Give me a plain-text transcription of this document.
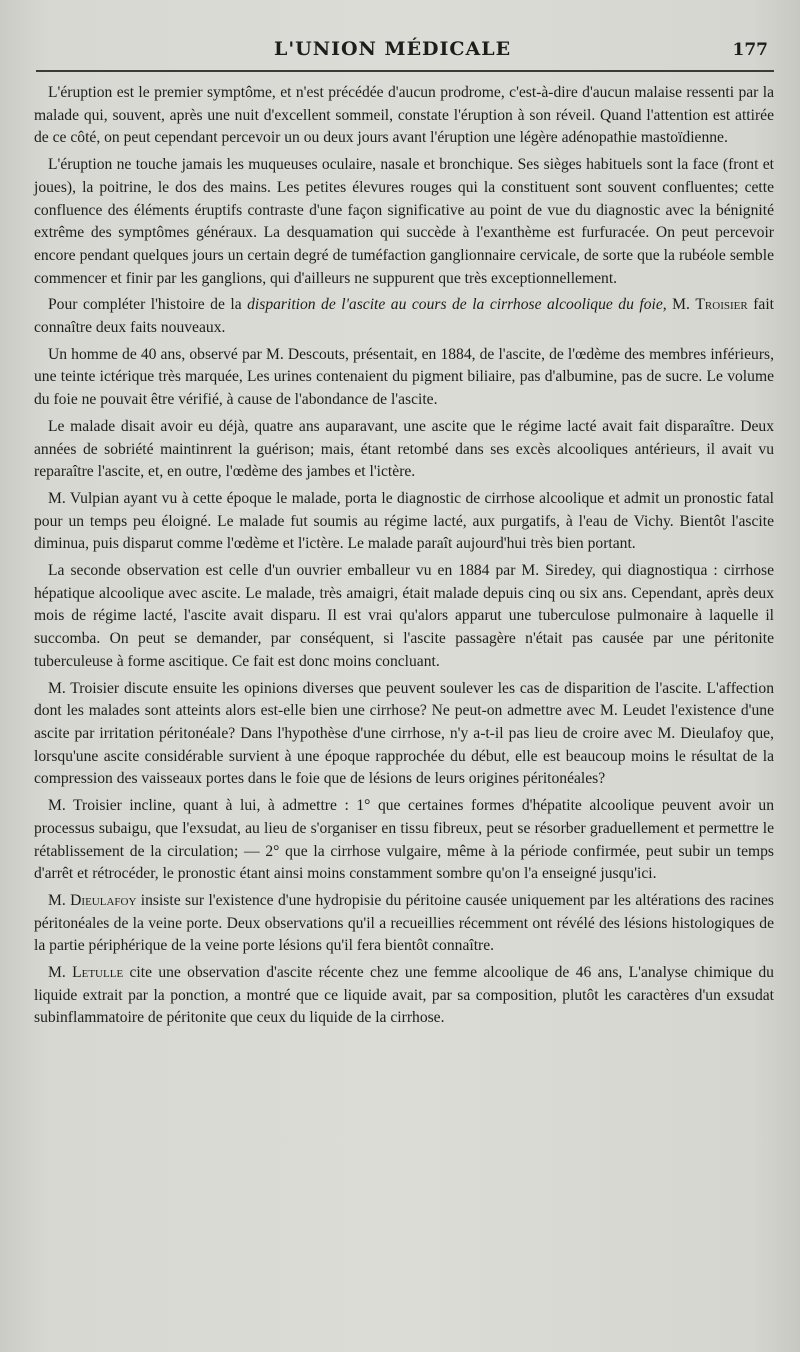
L'UNION MÉDICALE	177

L'éruption est le premier symptôme, et n'est précédée d'aucun prodrome, c'est-à-dire d'aucun malaise ressenti par la malade qui, souvent, après une nuit d'excellent sommeil, constate l'éruption à son réveil. Quand l'attention est attirée de ce côté, on peut cependant percevoir un ou deux jours avant l'éruption une légère adénopathie mastoïdienne.

L'éruption ne touche jamais les muqueuses oculaire, nasale et bronchique. Ses sièges habituels sont la face (front et joues), la poitrine, le dos des mains. Les petites élevures rouges qui la constituent sont souvent confluentes; cette confluence des éléments éruptifs contraste d'une façon significative au point de vue du diagnostic avec la bénignité extrême des symptômes généraux. La desquamation qui succède à l'exanthème est furfuracée. On peut percevoir encore pendant quelques jours un certain degré de tuméfaction ganglionnaire cervicale, de sorte que la rubéole semble commencer et finir par les ganglions, qui d'ailleurs ne suppurent que très exceptionnellement.

Pour compléter l'histoire de la disparition de l'ascite au cours de la cirrhose alcoolique du foie, M. Troisier fait connaître deux faits nouveaux.

Un homme de 40 ans, observé par M. Descouts, présentait, en 1884, de l'ascite, de l'œdème des membres inférieurs, une teinte ictérique très marquée, Les urines contenaient du pigment biliaire, pas d'albumine, pas de sucre. Le volume du foie ne pouvait être vérifié, à cause de l'abondance de l'ascite.

Le malade disait avoir eu déjà, quatre ans auparavant, une ascite que le régime lacté avait fait disparaître. Deux années de sobriété maintinrent la guérison; mais, étant retombé dans ses excès alcooliques antérieurs, il avait vu reparaître l'ascite, et, en outre, l'œdème des jambes et l'ictère.

M. Vulpian ayant vu à cette époque le malade, porta le diagnostic de cirrhose alcoolique et admit un pronostic fatal pour un temps peu éloigné. Le malade fut soumis au régime lacté, aux purgatifs, à l'eau de Vichy. Bientôt l'ascite diminua, puis disparut comme l'œdème et l'ictère. Le malade paraît aujourd'hui très bien portant.

La seconde observation est celle d'un ouvrier emballeur vu en 1884 par M. Siredey, qui diagnostiqua : cirrhose hépatique alcoolique avec ascite. Le malade, très amaigri, était malade depuis cinq ou six ans. Cependant, après deux mois de régime lacté, l'ascite avait disparu. Il est vrai qu'alors apparut une tuberculose pulmonaire à laquelle il succomba. On peut se demander, par conséquent, si l'ascite passagère n'était pas causée par une péritonite tuberculeuse à forme ascitique. Ce fait est donc moins concluant.

M. Troisier discute ensuite les opinions diverses que peuvent soulever les cas de disparition de l'ascite. L'affection dont les malades sont atteints alors est-elle bien une cirrhose? Ne peut-on admettre avec M. Leudet l'existence d'une ascite par irritation péritonéale? Dans l'hypothèse d'une cirrhose, n'y a-t-il pas lieu de croire avec M. Dieulafoy que, lorsqu'une ascite considérable survient à une époque rapprochée du début, elle est beaucoup moins le résultat de la compression des vaisseaux portes dans le foie que de lésions de leurs origines péritonéales?

M. Troisier incline, quant à lui, à admettre : 1° que certaines formes d'hépatite alcoolique peuvent avoir un processus subaigu, que l'exsudat, au lieu de s'organiser en tissu fibreux, peut se résorber graduellement et permettre le rétablissement de la circulation; — 2° que la cirrhose vulgaire, même à la période confirmée, peut subir un temps d'arrêt et rétrocéder, le pronostic étant ainsi moins constamment sombre qu'on l'a enseigné jusqu'ici.

M. Dieulafoy insiste sur l'existence d'une hydropisie du péritoine causée uniquement par les altérations des racines péritonéales de la veine porte. Deux observations qu'il a recueillies récemment ont révélé des lésions histologiques de la partie périphérique de la veine porte lésions qu'il fera bientôt connaître.

M. Letulle cite une observation d'ascite récente chez une femme alcoolique de 46 ans, L'analyse chimique du liquide extrait par la ponction, a montré que ce liquide avait, par sa composition, plutôt les caractères d'un exsudat subinflammatoire de péritonite que ceux du liquide de la cirrhose.
